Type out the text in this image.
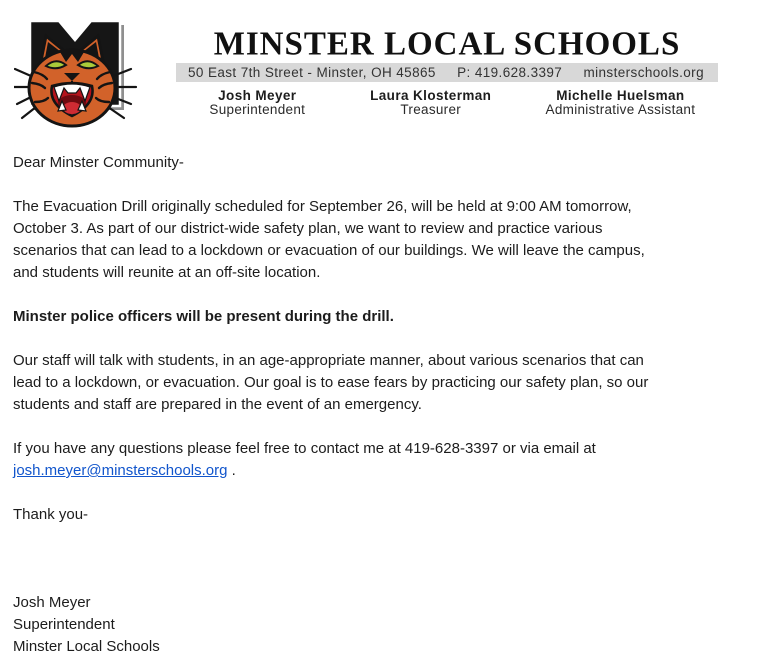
MINSTER LOCAL SCHOOLS
50 East 7th Street - Minster, OH 45865 P: 419.628.3397 minsterschools.org
Josh Meyer
Superintendent
Laura Klosterman
Treasurer
Michelle Huelsman
Administrative Assistant
Dear Minster Community-
The Evacuation Drill originally scheduled for September 26, will be held at 9:00 AM tomorrow,
October 3. As part of our district-wide safety plan, we want to review and practice various
scenarios that can lead to a lockdown or evacuation of our buildings. We will leave the campus,
and students will reunite at an off-site location.
Minster police officers will be present during the drill.
Our staff will talk with students, in an age-appropriate manner, about various scenarios that can
lead to a lockdown, or evacuation. Our goal is to ease fears by practicing our safety plan, so our
students and staff are prepared in the event of an emergency.
If you have any questions please feel free to contact me at 419-628-3397 or via email at
josh.meyer@minsterschools.org .
Thank you-
Josh Meyer
Superintendent
Minster Local Schools
